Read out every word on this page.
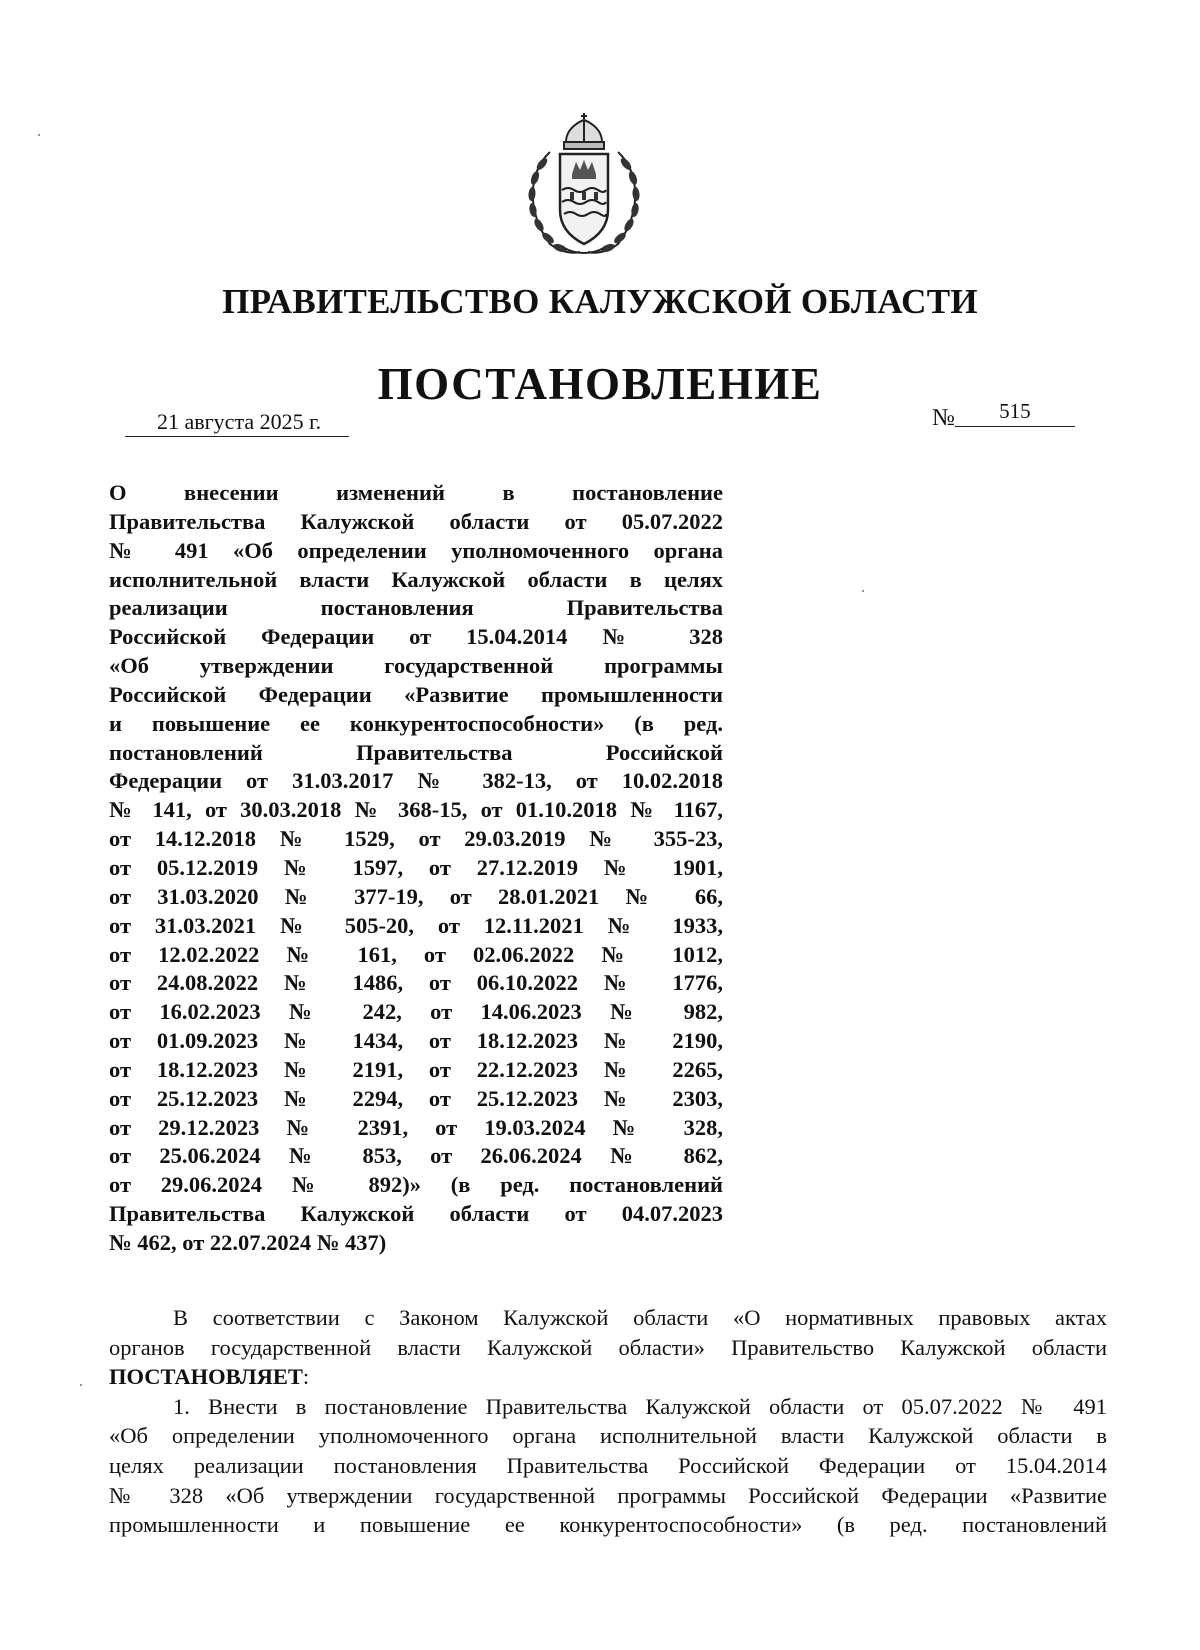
ПРАВИТЕЛЬСТВО КАЛУЖСКОЙ ОБЛАСТИ
ПОСТАНОВЛЕНИЕ
21 августа 2025 г.	№ 515
О внесении изменений в постановление
Правительства Калужской области от 05.07.2022
№ 491 «Об определении уполномоченного органа
исполнительной власти Калужской области в целях
реализации постановления Правительства
Российской Федерации от 15.04.2014 № 328
«Об утверждении государственной программы
Российской Федерации «Развитие промышленности
и повышение ее конкурентоспособности» (в ред.
постановлений Правительства Российской
Федерации от 31.03.2017 № 382-13, от 10.02.2018
№ 141, от 30.03.2018 № 368-15, от 01.10.2018 № 1167,
от 14.12.2018 № 1529, от 29.03.2019 № 355-23,
от 05.12.2019 № 1597, от 27.12.2019 № 1901,
от 31.03.2020 № 377-19, от 28.01.2021 № 66,
от 31.03.2021 № 505-20, от 12.11.2021 № 1933,
от 12.02.2022 № 161, от 02.06.2022 № 1012,
от 24.08.2022 № 1486, от 06.10.2022 № 1776,
от 16.02.2023 № 242, от 14.06.2023 № 982,
от 01.09.2023 № 1434, от 18.12.2023 № 2190,
от 18.12.2023 № 2191, от 22.12.2023 № 2265,
от 25.12.2023 № 2294, от 25.12.2023 № 2303,
от 29.12.2023 № 2391, от 19.03.2024 № 328,
от 25.06.2024 № 853, от 26.06.2024 № 862,
от 29.06.2024 № 892)» (в ред. постановлений
Правительства Калужской области от 04.07.2023
№ 462, от 22.07.2024 № 437)
В соответствии с Законом Калужской области «О нормативных правовых актах
органов государственной власти Калужской области» Правительство Калужской области
ПОСТАНОВЛЯЕТ:
1. Внести в постановление Правительства Калужской области от 05.07.2022 № 491
«Об определении уполномоченного органа исполнительной власти Калужской области в
целях реализации постановления Правительства Российской Федерации от 15.04.2014
№ 328 «Об утверждении государственной программы Российской Федерации «Развитие
промышленности и повышение ее конкурентоспособности» (в ред. постановлений
